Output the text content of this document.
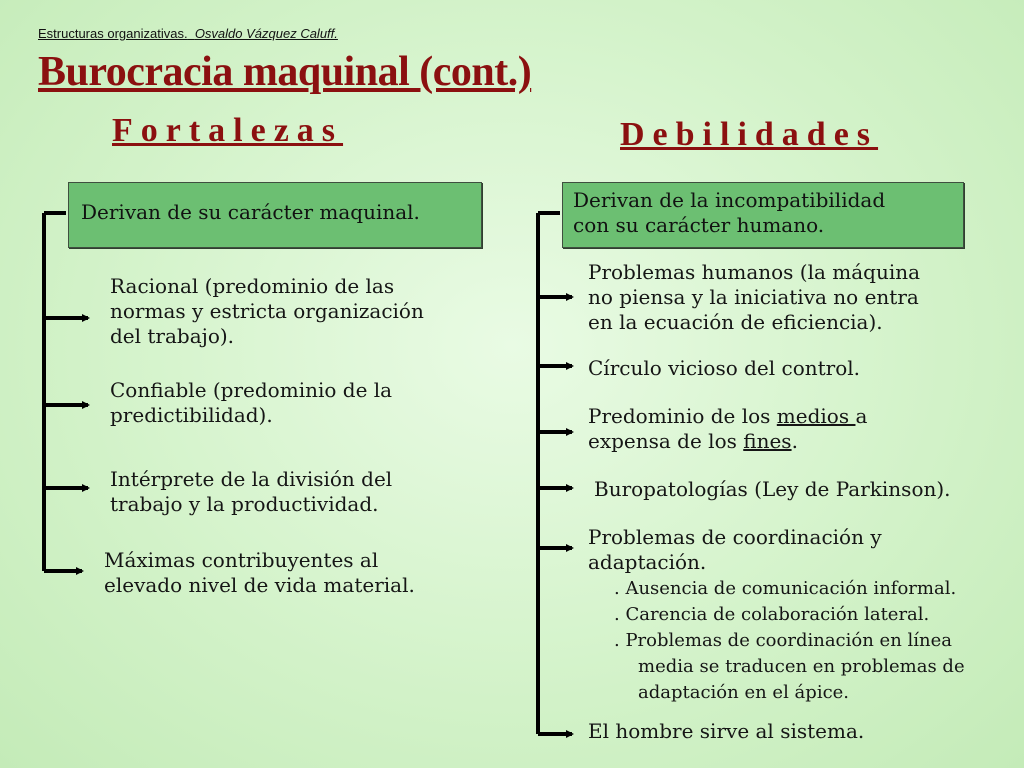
Estructuras organizativas. Osvaldo Vázquez Caluff.
Burocracia maquinal (cont.)
Fortalezas	Debilidades
Derivan de su carácter maquinal.
Racional (predominio de las
normas y estricta organización
del trabajo).
Confiable (predominio de la
predictibilidad).
Intérprete de la división del
trabajo y la productividad.
Máximas contribuyentes al
elevado nivel de vida material.
Derivan de la incompatibilidad
con su carácter humano.
Problemas humanos (la máquina
no piensa y la iniciativa no entra
en la ecuación de eficiencia).
Círculo vicioso del control.
Predominio de los medios a
expensa de los fines.
Buropatologías (Ley de Parkinson).
Problemas de coordinación y
adaptación.
. Ausencia de comunicación informal.
. Carencia de colaboración lateral.
. Problemas de coordinación en línea
media se traducen en problemas de
adaptación en el ápice.
El hombre sirve al sistema.
